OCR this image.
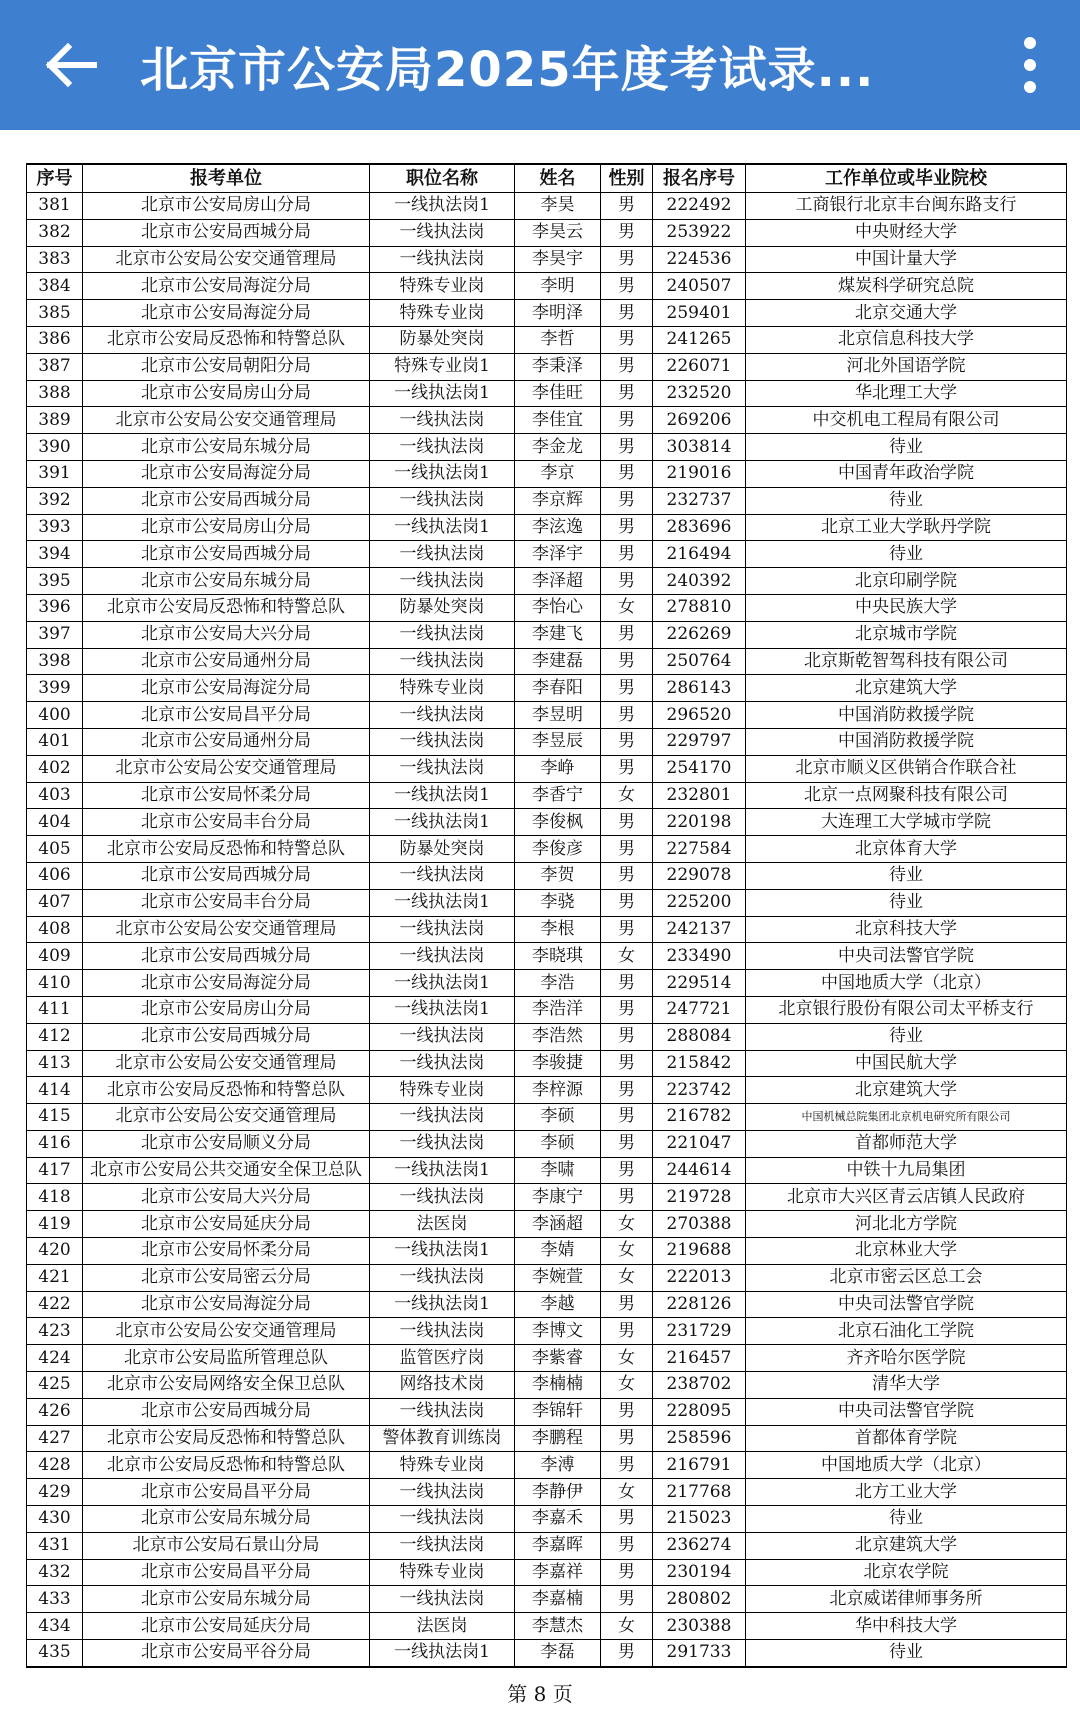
北京市公安局2025年度考试录...
序号	报考单位	职位名称	姓名	性别	报名序号	工作单位或毕业院校
381	北京市公安局房山分局	一线执法岗1	李昊	男	222492	工商银行北京丰台闽东路支行
382	北京市公安局西城分局	一线执法岗	李昊云	男	253922	中央财经大学
383	北京市公安局公安交通管理局	一线执法岗	李昊宇	男	224536	中国计量大学
384	北京市公安局海淀分局	特殊专业岗	李明	男	240507	煤炭科学研究总院
385	北京市公安局海淀分局	特殊专业岗	李明泽	男	259401	北京交通大学
386	北京市公安局反恐怖和特警总队	防暴处突岗	李哲	男	241265	北京信息科技大学
387	北京市公安局朝阳分局	特殊专业岗1	李秉泽	男	226071	河北外国语学院
388	北京市公安局房山分局	一线执法岗1	李佳旺	男	232520	华北理工大学
389	北京市公安局公安交通管理局	一线执法岗	李佳宜	男	269206	中交机电工程局有限公司
390	北京市公安局东城分局	一线执法岗	李金龙	男	303814	待业
391	北京市公安局海淀分局	一线执法岗1	李京	男	219016	中国青年政治学院
392	北京市公安局西城分局	一线执法岗	李京辉	男	232737	待业
393	北京市公安局房山分局	一线执法岗1	李泫逸	男	283696	北京工业大学耿丹学院
394	北京市公安局西城分局	一线执法岗	李泽宇	男	216494	待业
395	北京市公安局东城分局	一线执法岗	李泽超	男	240392	北京印刷学院
396	北京市公安局反恐怖和特警总队	防暴处突岗	李怡心	女	278810	中央民族大学
397	北京市公安局大兴分局	一线执法岗	李建飞	男	226269	北京城市学院
398	北京市公安局通州分局	一线执法岗	李建磊	男	250764	北京斯乾智驾科技有限公司
399	北京市公安局海淀分局	特殊专业岗	李春阳	男	286143	北京建筑大学
400	北京市公安局昌平分局	一线执法岗	李昱明	男	296520	中国消防救援学院
401	北京市公安局通州分局	一线执法岗	李昱辰	男	229797	中国消防救援学院
402	北京市公安局公安交通管理局	一线执法岗	李峥	男	254170	北京市顺义区供销合作联合社
403	北京市公安局怀柔分局	一线执法岗1	李香宁	女	232801	北京一点网聚科技有限公司
404	北京市公安局丰台分局	一线执法岗1	李俊枫	男	220198	大连理工大学城市学院
405	北京市公安局反恐怖和特警总队	防暴处突岗	李俊彦	男	227584	北京体育大学
406	北京市公安局西城分局	一线执法岗	李贺	男	229078	待业
407	北京市公安局丰台分局	一线执法岗1	李骁	男	225200	待业
408	北京市公安局公安交通管理局	一线执法岗	李根	男	242137	北京科技大学
409	北京市公安局西城分局	一线执法岗	李晓琪	女	233490	中央司法警官学院
410	北京市公安局海淀分局	一线执法岗1	李浩	男	229514	中国地质大学（北京）
411	北京市公安局房山分局	一线执法岗1	李浩洋	男	247721	北京银行股份有限公司太平桥支行
412	北京市公安局西城分局	一线执法岗	李浩然	男	288084	待业
413	北京市公安局公安交通管理局	一线执法岗	李骏捷	男	215842	中国民航大学
414	北京市公安局反恐怖和特警总队	特殊专业岗	李梓源	男	223742	北京建筑大学
415	北京市公安局公安交通管理局	一线执法岗	李硕	男	216782	中国机械总院集团北京机电研究所有限公司
416	北京市公安局顺义分局	一线执法岗	李硕	男	221047	首都师范大学
417	北京市公安局公共交通安全保卫总队	一线执法岗1	李啸	男	244614	中铁十九局集团
418	北京市公安局大兴分局	一线执法岗	李康宁	男	219728	北京市大兴区青云店镇人民政府
419	北京市公安局延庆分局	法医岗	李涵超	女	270388	河北北方学院
420	北京市公安局怀柔分局	一线执法岗1	李婧	女	219688	北京林业大学
421	北京市公安局密云分局	一线执法岗	李婉萱	女	222013	北京市密云区总工会
422	北京市公安局海淀分局	一线执法岗1	李越	男	228126	中央司法警官学院
423	北京市公安局公安交通管理局	一线执法岗	李博文	男	231729	北京石油化工学院
424	北京市公安局监所管理总队	监管医疗岗	李紫睿	女	216457	齐齐哈尔医学院
425	北京市公安局网络安全保卫总队	网络技术岗	李楠楠	女	238702	清华大学
426	北京市公安局西城分局	一线执法岗	李锦轩	男	228095	中央司法警官学院
427	北京市公安局反恐怖和特警总队	警体教育训练岗	李鹏程	男	258596	首都体育学院
428	北京市公安局反恐怖和特警总队	特殊专业岗	李溥	男	216791	中国地质大学（北京）
429	北京市公安局昌平分局	一线执法岗	李静伊	女	217768	北方工业大学
430	北京市公安局东城分局	一线执法岗	李嘉禾	男	215023	待业
431	北京市公安局石景山分局	一线执法岗	李嘉晖	男	236274	北京建筑大学
432	北京市公安局昌平分局	特殊专业岗	李嘉祥	男	230194	北京农学院
433	北京市公安局东城分局	一线执法岗	李嘉楠	男	280802	北京威诺律师事务所
434	北京市公安局延庆分局	法医岗	李慧杰	女	230388	华中科技大学
435	北京市公安局平谷分局	一线执法岗1	李磊	男	291733	待业
第 8 页
